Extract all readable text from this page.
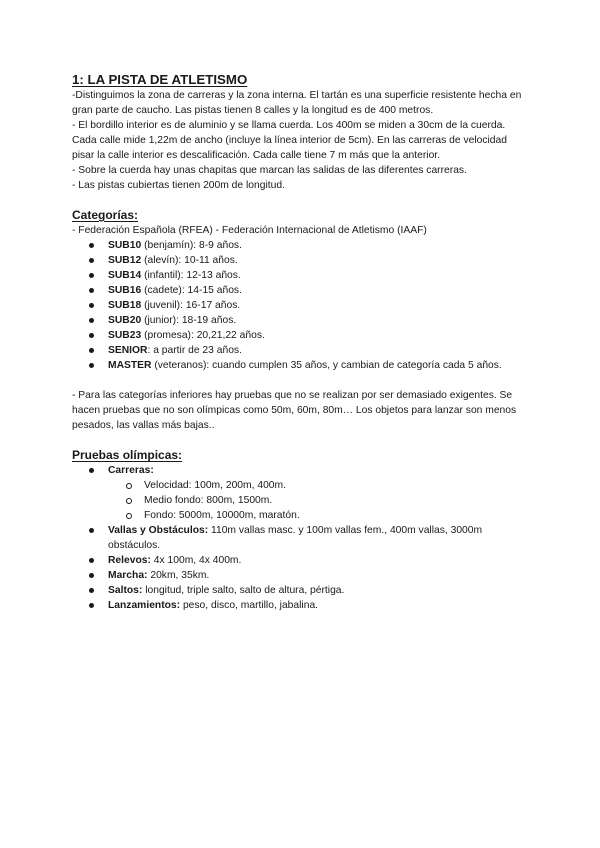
1: LA PISTA DE ATLETISMO

-Distinguimos la zona de carreras y la zona interna. El tartán es una superficie resistente hecha en gran parte de caucho. Las pistas tienen 8 calles y la longitud es de 400 metros.

- El bordillo interior es de aluminio y se llama cuerda. Los 400m se miden a 30cm de la cuerda. Cada calle mide 1,22m de ancho (incluye la línea interior de 5cm). En las carreras de velocidad pisar la calle interior es descalificación. Cada calle tiene 7 m más que la anterior.

- Sobre la cuerda hay unas chapitas que marcan las salidas de las diferentes carreras.

- Las pistas cubiertas tienen 200m de longitud.

Categorías:

- Federación Española (RFEA) - Federación Internacional de Atletismo (IAAF)

SUB10 (benjamín): 8-9 años.
SUB12 (alevín): 10-11 años.
SUB14 (infantil): 12-13 años.
SUB16 (cadete): 14-15 años.
SUB18 (juvenil): 16-17 años.
SUB20 (junior): 18-19 años.
SUB23 (promesa): 20,21,22 años.
SENIOR: a partir de 23 años.
MASTER (veteranos): cuando cumplen 35 años, y cambian de categoría cada 5 años.

- Para las categorías inferiores hay pruebas que no se realizan por ser demasiado exigentes. Se hacen pruebas que no son olímpicas como 50m, 60m, 80m… Los objetos para lanzar son menos pesados, las vallas más bajas..

Pruebas olímpicas:
Carreras:
Velocidad: 100m, 200m, 400m.
Medio fondo: 800m, 1500m.
Fondo: 5000m, 10000m, maratón.
Vallas y Obstáculos: 110m vallas masc. y 100m vallas fem., 400m vallas, 3000m obstáculos.
Relevos: 4x 100m, 4x 400m.
Marcha: 20km, 35km.
Saltos: longitud, triple salto, salto de altura, pértiga.
Lanzamientos: peso, disco, martillo, jabalina.
